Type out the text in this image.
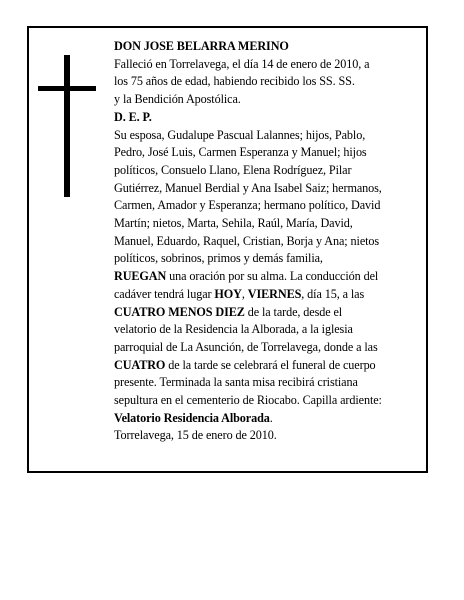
DON JOSE BELARRA MERINO

Falleció en Torrelavega, el día 14 de enero de 2010, a

los 75 años de edad, habiendo recibido los SS. SS.

y la Bendición Apostólica.

D. E. P.

Su esposa, Gudalupe Pascual Lalannes; hijos, Pablo,

Pedro, José Luis, Carmen Esperanza y Manuel; hijos

políticos, Consuelo Llano, Elena Rodríguez, Pilar

Gutiérrez, Manuel Berdial y Ana Isabel Saiz; hermanos,

Carmen, Amador y Esperanza; hermano político, David

Martín; nietos, Marta, Sehila, Raúl, María, David,

Manuel, Eduardo, Raquel, Cristian, Borja y Ana; nietos

políticos, sobrinos, primos y demás familia,

RUEGAN una oración por su alma. La conducción del

cadáver tendrá lugar HOY, VIERNES, día 15, a las

CUATRO MENOS DIEZ de la tarde, desde el

velatorio de la Residencia la Alborada, a la iglesia

parroquial de La Asunción, de Torrelavega, donde a las

CUATRO de la tarde se celebrará el funeral de cuerpo

presente. Terminada la santa misa recibirá cristiana

sepultura en el cementerio de Riocabo. Capilla ardiente:

Velatorio Residencia Alborada.

Torrelavega, 15 de enero de 2010.
